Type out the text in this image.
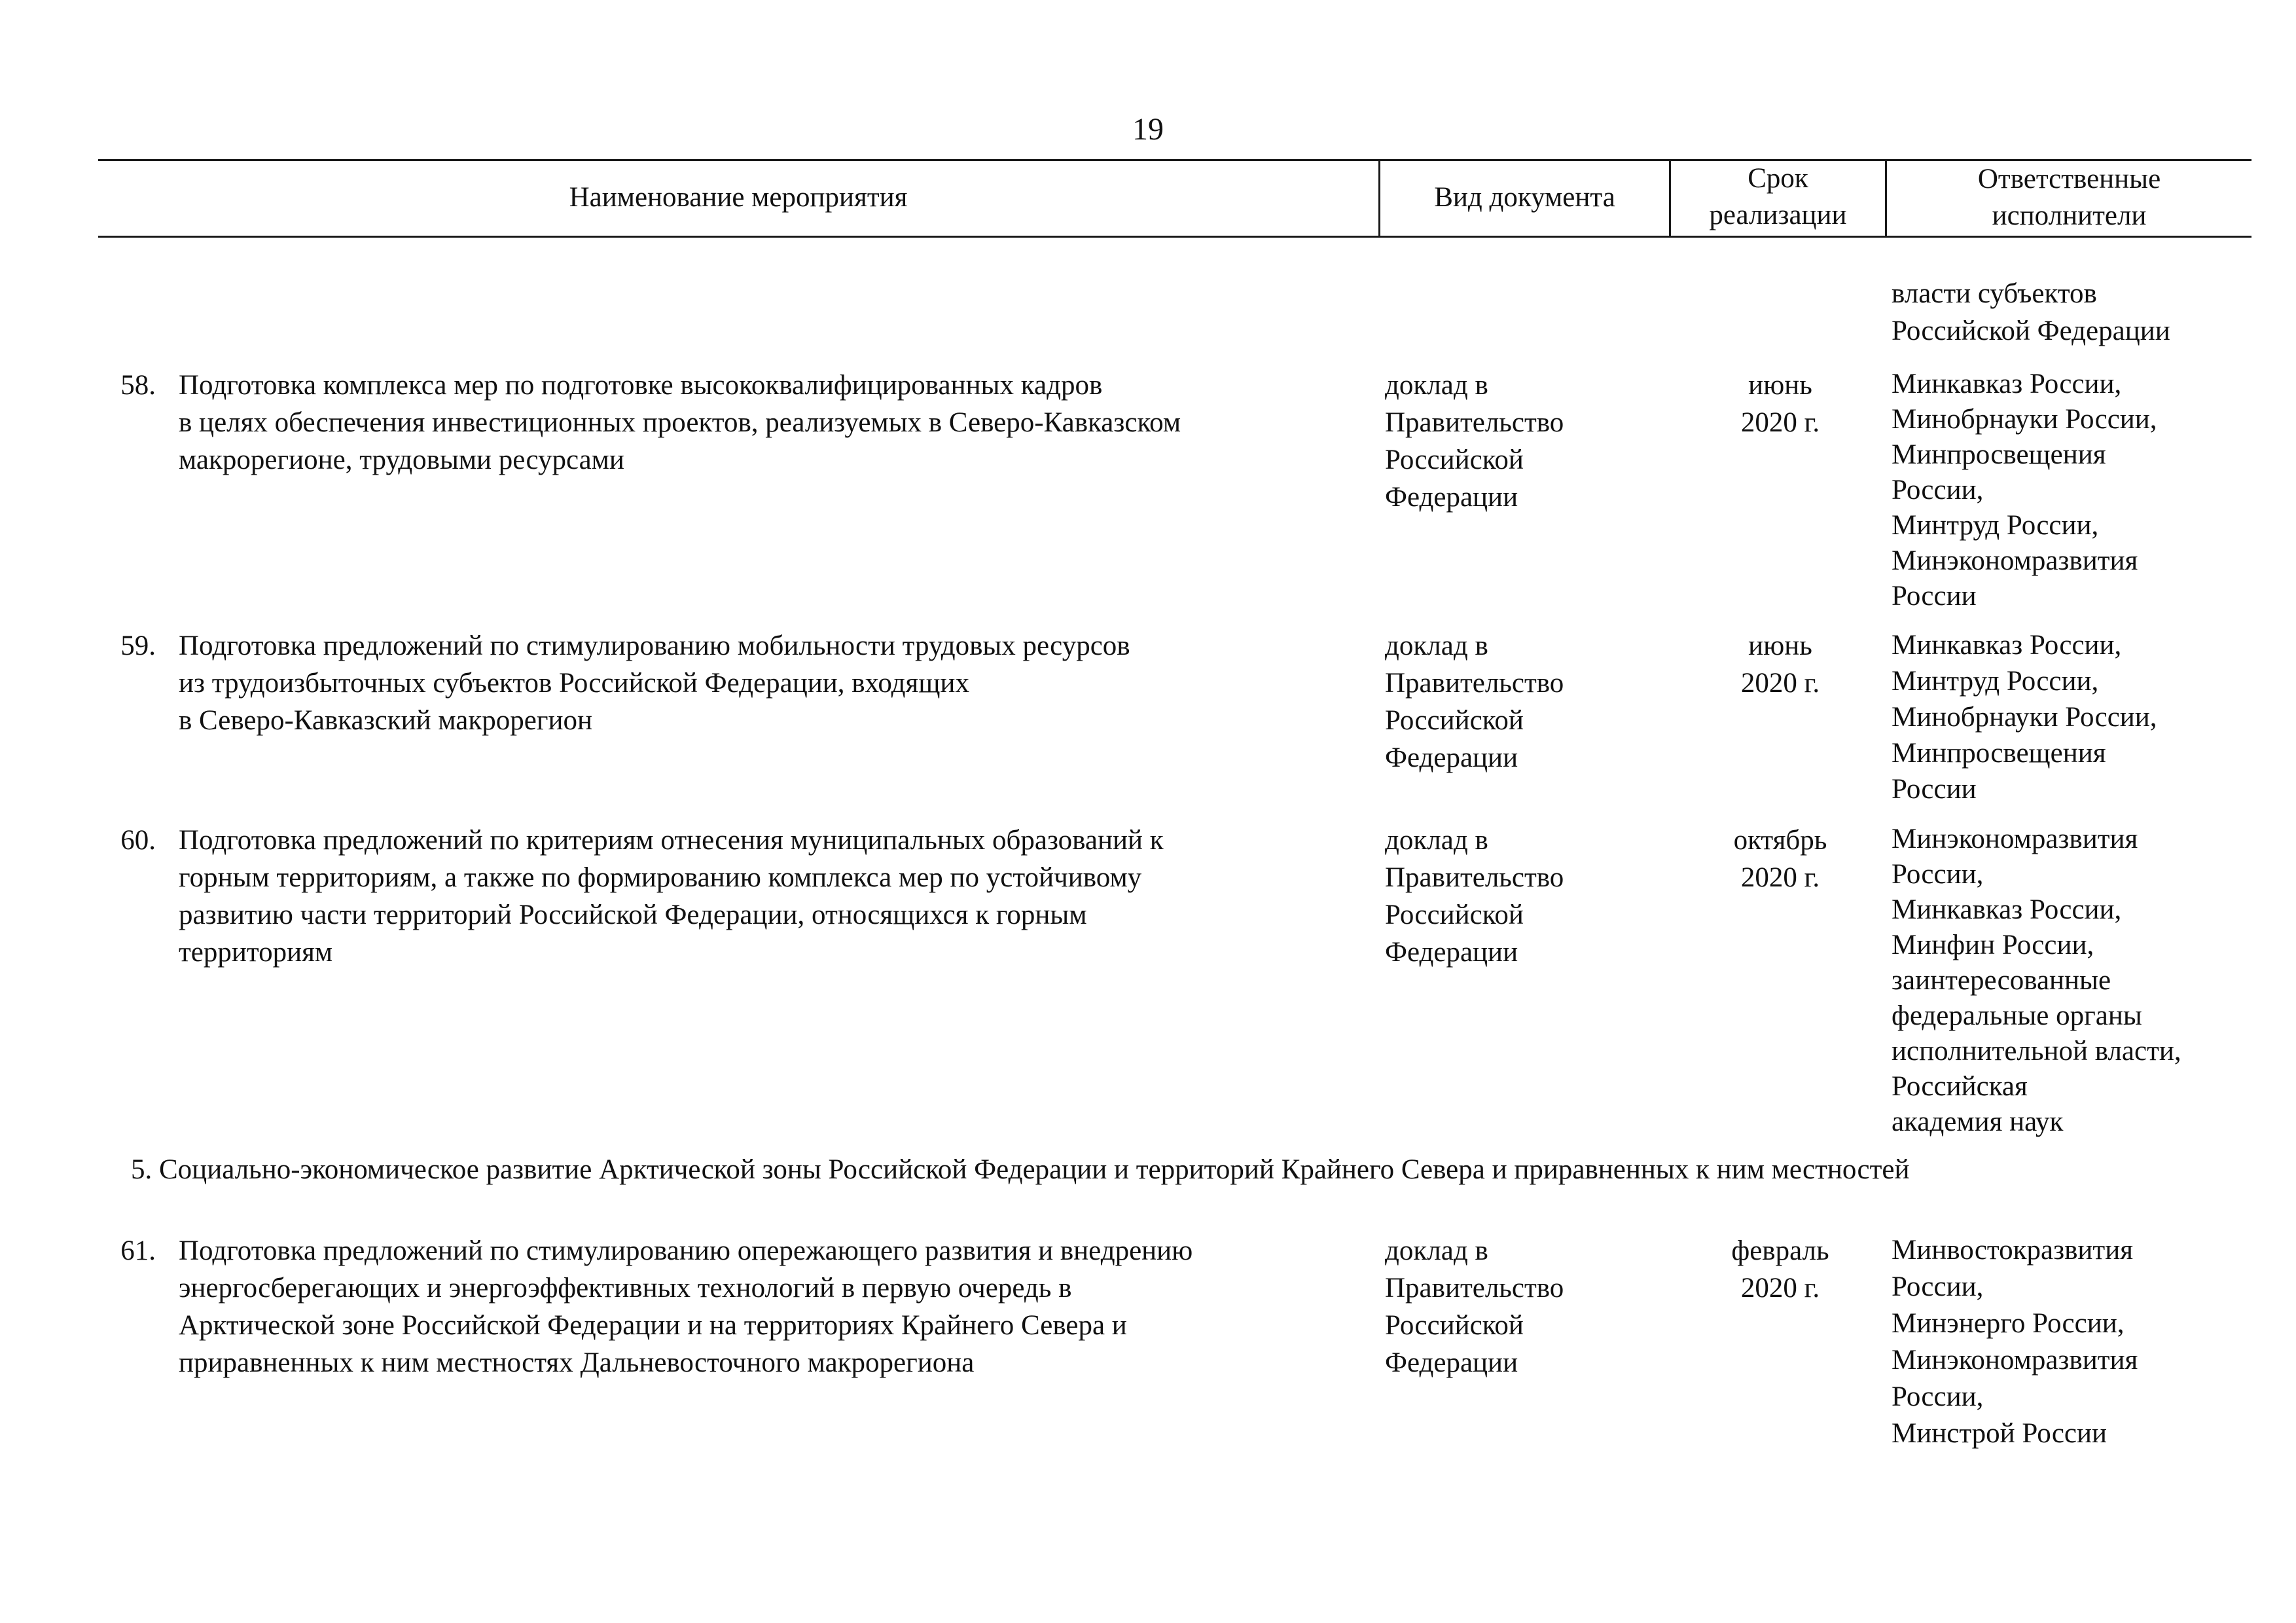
19
Наименование мероприятия	Вид документа
Срок
реализации
Ответственные
исполнители
власти субъектов
Российской Федерации
58. Подготовка комплекса мер по подготовке высококвалифицированных кадров
в целях обеспечения инвестиционных проектов, реализуемых в Северо-Кавказском
макрорегионе, трудовыми ресурсами
доклад в
Правительство
Российской
Федерации
июнь
2020 г.
Минкавказ России,
Минобрнауки России,
Минпросвещения
России,
Минтруд России,
Минэкономразвития
России
59. Подготовка предложений по стимулированию мобильности трудовых ресурсов
из трудоизбыточных субъектов Российской Федерации, входящих
в Северо-Кавказский макрорегион
доклад в
Правительство
Российской
Федерации
июнь
2020 г.
Минкавказ России,
Минтруд России,
Минобрнауки России,
Минпросвещения
России
60. Подготовка предложений по критериям отнесения муниципальных образований к
горным территориям, а также по формированию комплекса мер по устойчивому
развитию части территорий Российской Федерации, относящихся к горным
территориям
доклад в
Правительство
Российской
Федерации
октябрь
2020 г.
Минэкономразвития
России,
Минкавказ России,
Минфин России,
заинтересованные
федеральные органы
исполнительной власти,
Российская
академия наук
5. Социально-экономическое развитие Арктической зоны Российской Федерации и территорий Крайнего Севера и приравненных к ним местностей
61. Подготовка предложений по стимулированию опережающего развития и внедрению
энергосберегающих и энергоэффективных технологий в первую очередь в
Арктической зоне Российской Федерации и на территориях Крайнего Севера и
приравненных к ним местностях Дальневосточного макрорегиона
доклад в
Правительство
Российской
Федерации
февраль
2020 г.
Минвостокразвития
России,
Минэнерго России,
Минэкономразвития
России,
Минстрой России
